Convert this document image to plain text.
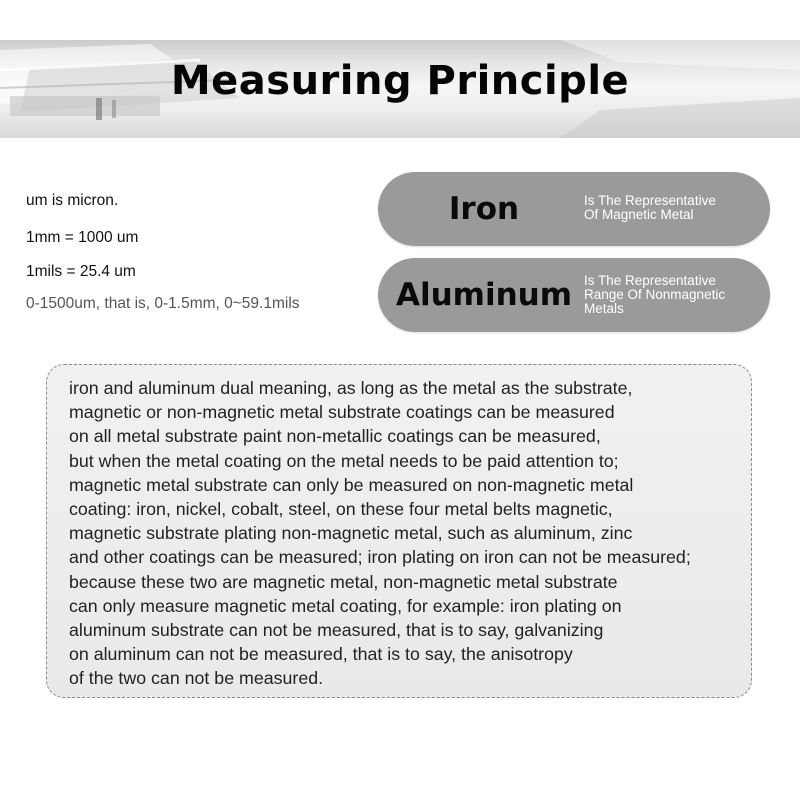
Measuring Principle
um is micron.
1mm = 1000 um
1mils = 25.4 um
0-1500um, that is, 0-1.5mm, 0~59.1mils
Iron	Is The Representative
Of Magnetic Metal
Aluminum Is The Representative
Range Of Nonmagnetic
Metals
iron and aluminum dual meaning, as long as the metal as the substrate,
magnetic or non-magnetic metal substrate coatings can be measured
on all metal substrate paint non-metallic coatings can be measured,
but when the metal coating on the metal needs to be paid attention to;
magnetic metal substrate can only be measured on non-magnetic metal
coating: iron, nickel, cobalt, steel, on these four metal belts magnetic,
magnetic substrate plating non-magnetic metal, such as aluminum, zinc
and other coatings can be measured; iron plating on iron can not be measured;
because these two are magnetic metal, non-magnetic metal substrate
can only measure magnetic metal coating, for example: iron plating on
aluminum substrate can not be measured, that is to say, galvanizing
on aluminum can not be measured, that is to say, the anisotropy
of the two can not be measured.
